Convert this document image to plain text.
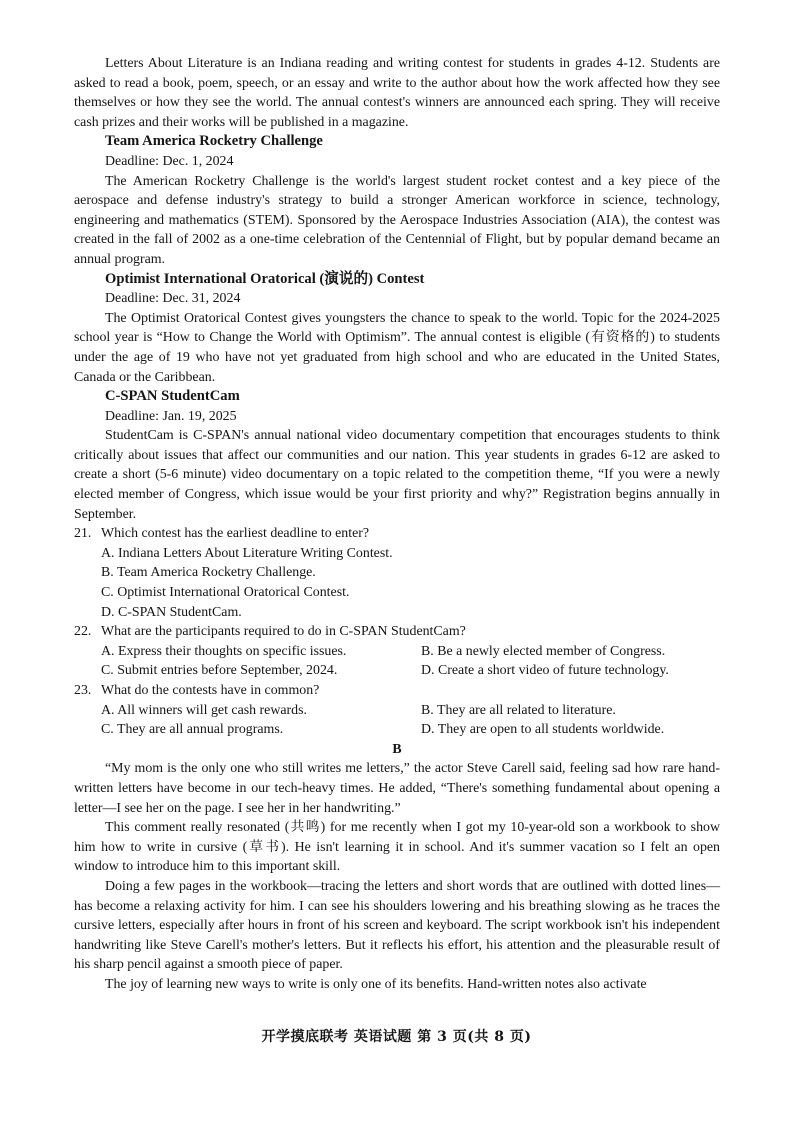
Letters About Literature is an Indiana reading and writing contest for students in grades 4-12. Students are asked to read a book, poem, speech, or an essay and write to the author about how the work affected how they see themselves or how they see the world. The annual contest's winners are announced each spring. They will receive cash prizes and their works will be published in a magazine.

Team America Rocketry Challenge

Deadline: Dec. 1, 2024

The American Rocketry Challenge is the world's largest student rocket contest and a key piece of the aerospace and defense industry's strategy to build a stronger American workforce in science, technology, engineering and mathematics (STEM). Sponsored by the Aerospace Industries Association (AIA), the contest was created in the fall of 2002 as a one-time celebration of the Centennial of Flight, but by popular demand became an annual program.

Optimist International Oratorical (演说的) Contest

Deadline: Dec. 31, 2024

The Optimist Oratorical Contest gives youngsters the chance to speak to the world. Topic for the 2024-2025 school year is “How to Change the World with Optimism”. The annual contest is eligible (有资格的) to students under the age of 19 who have not yet graduated from high school and who are educated in the United States, Canada or the Caribbean.

C-SPAN StudentCam

Deadline: Jan. 19, 2025

StudentCam is C-SPAN's annual national video documentary competition that encourages students to think critically about issues that affect our communities and our nation. This year students in grades 6-12 are asked to create a short (5-6 minute) video documentary on a topic related to the competition theme, “If you were a newly elected member of Congress, which issue would be your first priority and why?” Registration begins annually in September.

21. Which contest has the earliest deadline to enter?

A. Indiana Letters About Literature Writing Contest.

B. Team America Rocketry Challenge.

C. Optimist International Oratorical Contest.

D. C-SPAN StudentCam.

22. What are the participants required to do in C-SPAN StudentCam?

A. Express their thoughts on specific issues.	B. Be a newly elected member of Congress.
C. Submit entries before September, 2024.	D. Create a short video of future technology.

23. What do the contests have in common?

A. All winners will get cash rewards.	B. They are all related to literature.
C. They are all annual programs.	D. They are open to all students worldwide.

B

“My mom is the only one who still writes me letters,” the actor Steve Carell said, feeling sad how rare hand-written letters have become in our tech-heavy times. He added, “There's something fundamental about opening a letter—I see her on the page. I see her in her handwriting.”

This comment really resonated (共鸣) for me recently when I got my 10-year-old son a workbook to show him how to write in cursive (草书). He isn't learning it in school. And it's summer vacation so I felt an open window to introduce him to this important skill.

Doing a few pages in the workbook—tracing the letters and short words that are outlined with dotted lines—has become a relaxing activity for him. I can see his shoulders lowering and his breathing slowing as he traces the cursive letters, especially after hours in front of his screen and keyboard. The script workbook isn't his independent handwriting like Steve Carell's mother's letters. But it reflects his effort, his attention and the pleasurable result of his sharp pencil against a smooth piece of paper.

The joy of learning new ways to write is only one of its benefits. Hand-written notes also activate

开学摸底联考 英语试题 第 3 页(共 8 页)
